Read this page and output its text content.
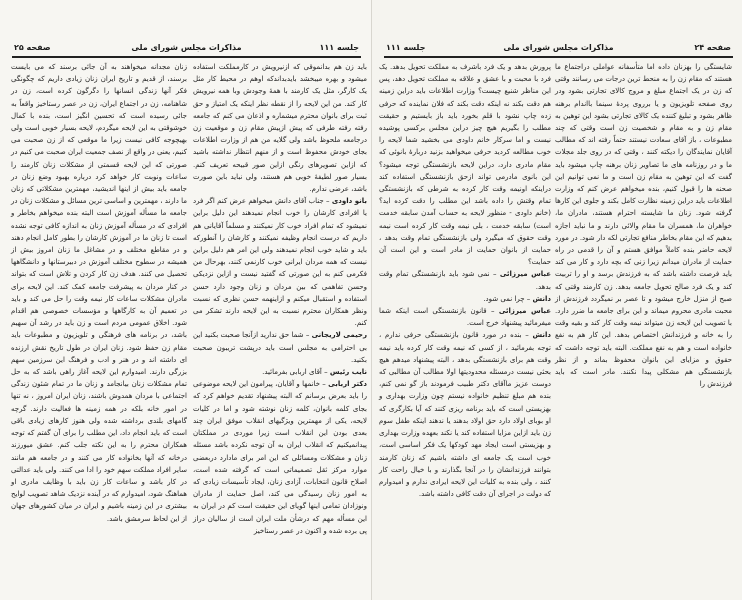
جلسه ۱۱۱
مذاکرات مجلس شورای ملی
صفحه ۲۵

باید زن هم بدانموقی که ازنیرویش در کارمملکت استفاده میشود و بهره میبخشد بایدبداندکه اوهم در محیط کار مثل یک کارگر، مثل یک کارمند با همهٔ وجودش وبا همه نیرویش کار کند. من این لایحه را از نقطه نظر اینکه یک امتیاز و حق ثبت برای بانوان محترم میشماره و اذعان می کنم که جامعه رفته رفته طرفی که پیش ازپیش مقام زن و موقعیت زن درجامعه ملحوظ باشد ولی گلایه من هم از وزارت اطلاعات بجای خودش محفوظ است و از منهم انتظار نداشته باشید که ازاین تصویرهای رنگی ازاین صور قبیحه تعریف کنم. بسیار صور لطیفهٔ خوبی هم هستند، ولی نباید باین صورت باشد، عرضی ندارم.

بانو داودی – جناب آقای دانش میخواهم عرض کنم اگر فرد یا افرادی کارشان را خوب انجام نمیدهند این دلیل براین نمیشود که تمام افراد خوب کار نمیکنند و مسلماً آقایانی هم داریم که درست انجام وظیفه نمیکنند و کارشان را آنطورکه باید و شاید خوب انجام نمیدهند ولی این امر هم دلیل براین نیست که همه مردان ایرانی خوب کارنمی کنند، بهرحال من فکرمی کنم به این صورتی که گفتید نیست و ازاین نزدیکی وحسن تفاهمی که بین مردان و زنان وجود دارد حسن استفاده و استقبال میکنم و ازاینهمه حسن نظری که نسبت ونظر همکاران محترم نسبت به این لایحه دارند تشکر می کنم.

رحیمی لاریجانی – شما حق ندارید ازآنجا صحبت بکنید این بی احترامی به مجلس است باید درپشت تریبون صحبت بکنید.

نایب رئیس – آقای اربابی بفرمائید.

دکتر اربابی – خانمها و آقایان، پیرامون این لایحه موضوعی را باید بعرض برسانم که البته پیشنهاد تقدیم خواهم کرد که بجای کلمه بانوان، کلمه زنان نوشته شود و اما در کلیات لایحه، یکی از مهمترین ویژگیهای انقلاب موفق ایران چند بعدی بودن این انقلاب است زیرا موردی در مملکتان پیدانمیکنیم که انقلاب ایران به آن توجه نکرده باشد مسئله زنان و مشکلات ومسائلی که این امر برای مادارد دربعضی موارد مرکز ثقل تصمیماتی است که گرفته شده است، اصلاح قانون انتخابات، آزادی زنان، ایجاد تأسیسات زیادی که به امور زنان رسیدگی می کند، اصل حمایت از مادران ونوزادان تمامی اینها گویای این حقیقت است کم در ایران به این مسأله مهم که درشأن ملت ایران است از سالیان دراز پی برده شده و اکنون در عصر رستاخیز

زنان مجدانه میخواهند به آن جائی برسند که می بایست برسند، از قدیم و تاریخ ایران زنان زیادی داریم که چگونگی فکر آنها زندگی انسانها را دگرگون کرده است، زن در شاهنامه، زن در اجتماع ایران، زن در عصر رستاخیز واقعاً به جائی رسیده است که تحسین انگیز است، بنده با کمال خوشوقتی به این لایحه میگردم، لایحه بسیار خوبی است ولی بهیچوجه کافی نیست زیرا ما موقعی که از زن صحبت می کنیم، یعنی در واقع از نصف جمعیت ایران صحبت می کنیم در صورتی که این لایحه قسمتی از مشکلات زنان کارمند را ساعات ونوبت کار خواهد کرد درباره بهبود وضع زنان در جامعه باید بیش از اینها اندیشید، مهمترین مشکلاتی که زنان ما دارند ، مهمترین و اساسی ترین مسائل و مشکلات زنان در جامعه ما مسأله آموزش است البته بنده میخواهم بخاطر و افرادی که در مسأله آموزش زنان به اندازه کافی توجه نشده است تا زنان ما در آموزش کارشان را بطور کامل انجام دهند و در مقاطع مختلف و در مشاغل ما زنان امروز بیش از همیشه در سطوح مختلف آموزش در دبیرستانها و دانشگاهها تحصیل می کنند. هدف زن کار کردن و تلاش است که بتواند در کنار مردان به پیشرفت جامعه کمک کند. این لایحه برای مادران مشکلات ساعات کار نیمه وقت را حل می کند و باید در تعمیم آن به کارگاهها و مؤسسات خصوصی هم اقدام شود. اخلاق عمومی مردم است و زن باید در رشد آن سهیم باشد، در برنامه های فرهنگی و تلویزیون و مطبوعات باید مقام زن حفظ شود. زنان ایران در طول تاریخ نقش ارزنده ای داشته اند و در هنر و ادب و فرهنگ این سرزمین سهم بزرگی دارند. امیدوارم این لایحه آغاز راهی باشد که به حل تمام مشکلات زنان بیانجامد و زنان ما در تمام شئون زندگی اجتماعی با مردان همدوش باشند، زنان ایران امروز ، نه تنها در امور خانه بلکه در همه زمینه ها فعالیت دارند. گرچه گامهای بلندی برداشته شده ولی هنوز کارهای زیادی باقی است که باید انجام داد، این مطلب را برای آن گفتم که توجه همکاران محترم را به این نکته جلب کنم. عشق میورزند درخانه که آنها بخانواده کار می کنند و در جامعه هم مانند سایر افراد مملکت سهم خود را ادا می کنند. ولی باید عدالتی در کار باشد و ساعات کار زن باید با وظایف مادری او هماهنگ شود، امیدوارم که در آینده نزدیک شاهد تصویب لوایح بیشتری در این زمینه باشیم و ایران در میان کشورهای جهان از این لحاظ سرمشق باشد.

جلسه ۱۱۱	مذاکرات مجلس شورای ملی	صفحه ۲۴

شایستگی را بهزنان داده اما متأسفانه عواملی دراجتماع ما هستند که مقام زن را به منحط ترین درجات می رسانند وقتی که زن در یک اجتماع مبلغ و مروج کالای تجارتی بشود ودر روی صفحه تلویزیون و یا برروی پردهٔ سینما بااندام برهنه ظاهر بشود و تبلیغ کننده یک کالای تجارتی بشود این توهین به مقام زن و به مقام و شخصیت زن است وقتی که چند مطبوعات ، باز آقای سعادت نیستند حتماً رفته اند که مطالب آقایان نمایندگان را دیکته کنند ، وقتی که در روی جلد مجلات ما و در روزنامه های ما تصاویر زنان برهنه چاپ میشود باید گفت که این توهین به مقام زن است و ما نمی توانیم این صحنه ها را قبول کنیم، بنده میخواهم عرض کنم که وزارت اطلاعات باید دراین زمینه نظارت کامل بکند و جلوی این کارها گرفته شود. زنان ما شایسته احترام هستند، مادران ما، خواهران ما، همسران ما مقام والائی دارند و ما نباید اجازه بدهیم که این مقام بخاطر منافع تجارتی لکه دار شود. در مورد لایحه حاضر بنده کاملاً موافق هستم و آن را قدمی در راه حمایت از مادران میدانم زیرا زنی که بچه دارد و کار می کند باید فرصت داشته باشد که به فرزندش برسد و او را تربیت کند و یک فرد صالح تحویل جامعه بدهد. زن کارمند وقتی که صبح از منزل خارج میشود و تا عصر بر نمیگردد فرزندش از محبت مادری محروم میماند و این برای جامعه ما ضرر دارد. با تصویب این لایحه زن میتواند نیمه وقت کار کند و بقیه وقت را به خانه و فرزندانش اختصاص بدهد. این کار هم به نفع خانواده است و هم به نفع مملکت. البته باید توجه داشت که حقوق و مزایای این بانوان محفوظ بماند و از نظر بازنشستگی هم مشکلی پیدا نکنند. مادر است که باید فرزندش را

پرورش بدهد و یک فرد باشرف به مملکت تحویل بدهد. یک فرد با محبت و با عشق و علاقه به مملکت تحویل دهد، پس این مناظر شنیع چیست؟ وزارت اطلاعات باید دراین زمینه هم دقت بکند نه اینکه دقت بکند که فلان نماینده که حرفی زده چاپ نشود با قلم بخورد باید باز بایستیم و حقیقت مطلب را بگیریم هیچ چیز دراین مجلس برکسی پوشیده نیست و اما سرکار خانم داودی می بخشید شما لایحه را خوب مطالعه کردید حرفی میخواهید بزنید دربارهٔ بانوئی که مقام مادری دارد، دراین لایحه بازنشستگی توجه میشود؟ این بانوی مادرمی تواند ازحق بازنشستگی استفاده کند دراینکه اونیمه وقت کار کرده به شرطی که بازنشستگی تمام وقتش را داده باشد این مطلب را دقت کرده اید؟ (خانم داودی - منظور لایحه به حساب آمدن سابقه خدمت است) سابقه خدمت ، بلی نیمه وقت کار کرده است نیمه وقت حقوق که میگیرد ولی بازنشستگی تمام وقت بدهد ، حمایت از بانوان حمایت از مادر است و این است آن حمایت؟

عباس میرزائی – نمی شود باید بازنشستگی تمام وقت بدهد.

دانش – چرا نمی شود.

عباس میرزائی – قانون بازنشستگی است اینکه شما میفرمائید پیشنهاد خرج است.

دانش – بنده در مورد قانون بازنشستگی حرفی ندارم ، توجه بفرمائید ، از کسی که نیمه وقت کار کرده باید نیمه وقت هم برای بازنشستگی بدهد ، البته پیشنهاد میدهم هیچ بحثی نیست درمسئله محدودیتها اولا مطالب آن مطالبی که دوست عزیز ماآقای دکتر طبیب فرمودند باز گو نمی کنم، بنده هم مبلغ تنظیم خانواده نیستم چون وزارت بهداری و بهزیستی است که باید برنامه ریزی کنند که آیا بکارگری که او بوبای اولاد دارد حق اولاد بدهند یا ندهند اینکه طفل سوم زن باید ازاین مزایا استفاده کند یا نکند بعهده وزارت بهداری و بهزیستی است ایجاد مهد کودکها یک فکر اساسی است، خوب است یک جامعه ای داشته باشیم که زنان کارمند بتوانند فرزندانشان را در آنجا بگذارند و با خیال راحت کار کنند ، ولی بنده به کلیات این لایحه ایرادی ندارم و امیدوارم که دولت در اجرای آن دقت کافی داشته باشد.
